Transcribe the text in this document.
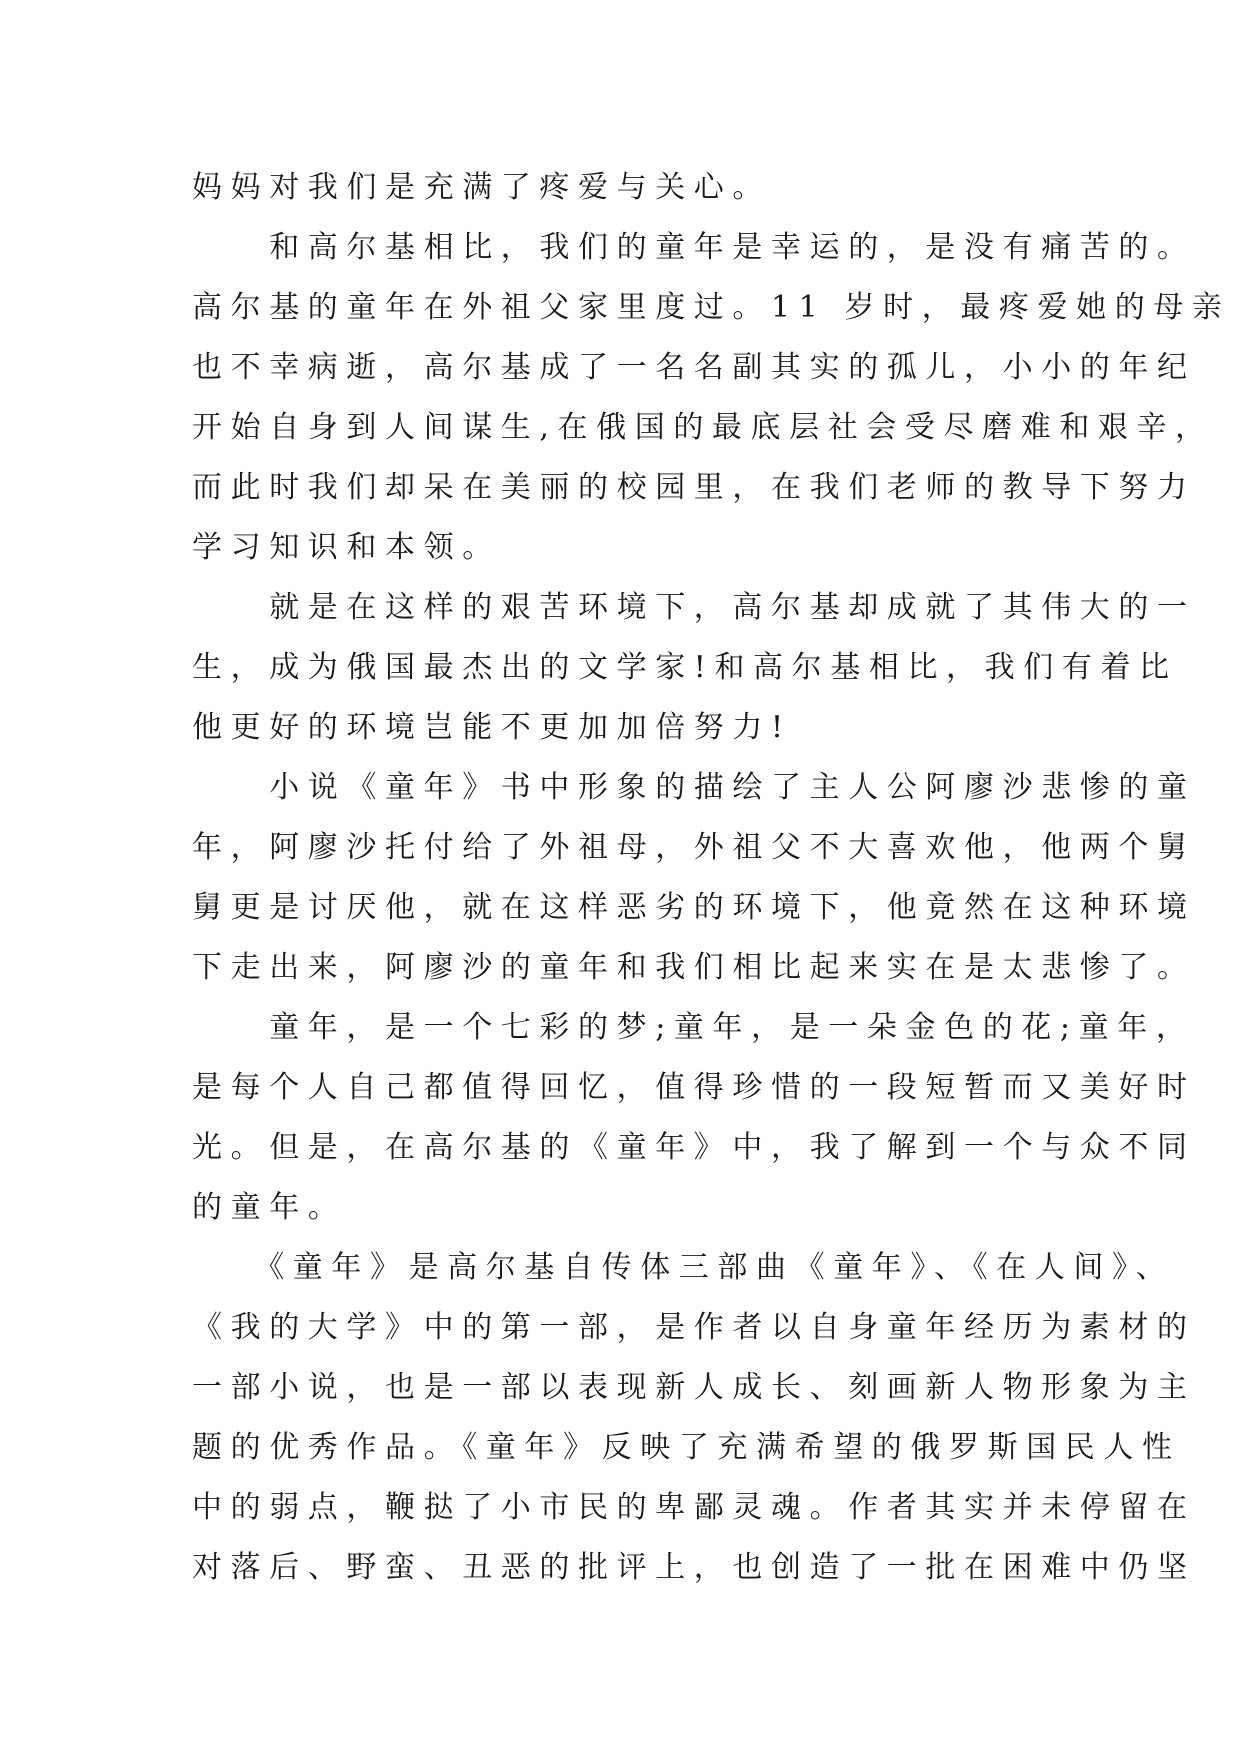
妈妈对我们是充满了疼爱与关心。
　　和高尔基相比，我们的童年是幸运的，是没有痛苦的。
高尔基的童年在外祖父家里度过。11 岁时，最疼爱她的母亲
也不幸病逝，高尔基成了一名名副其实的孤儿，小小的年纪
开始自身到人间谋生,在俄国的最底层社会受尽磨难和艰辛，
而此时我们却呆在美丽的校园里，在我们老师的教导下努力
学习知识和本领。
　　就是在这样的艰苦环境下，高尔基却成就了其伟大的一
生，成为俄国最杰出的文学家!和高尔基相比，我们有着比
他更好的环境岂能不更加加倍努力!
　　小说《童年》书中形象的描绘了主人公阿廖沙悲惨的童
年，阿廖沙托付给了外祖母，外祖父不大喜欢他，他两个舅
舅更是讨厌他，就在这样恶劣的环境下，他竟然在这种环境
下走出来，阿廖沙的童年和我们相比起来实在是太悲惨了。
　　童年，是一个七彩的梦;童年，是一朵金色的花;童年，
是每个人自己都值得回忆，值得珍惜的一段短暂而又美好时
光。但是，在高尔基的《童年》中，我了解到一个与众不同
的童年。
　　《童年》是高尔基自传体三部曲《童年》、《在人间》、
《我的大学》中的第一部，是作者以自身童年经历为素材的
一部小说，也是一部以表现新人成长、刻画新人物形象为主
题的优秀作品。《童年》反映了充满希望的俄罗斯国民人性
中的弱点，鞭挞了小市民的卑鄙灵魂。作者其实并未停留在
对落后、野蛮、丑恶的批评上，也创造了一批在困难中仍坚
